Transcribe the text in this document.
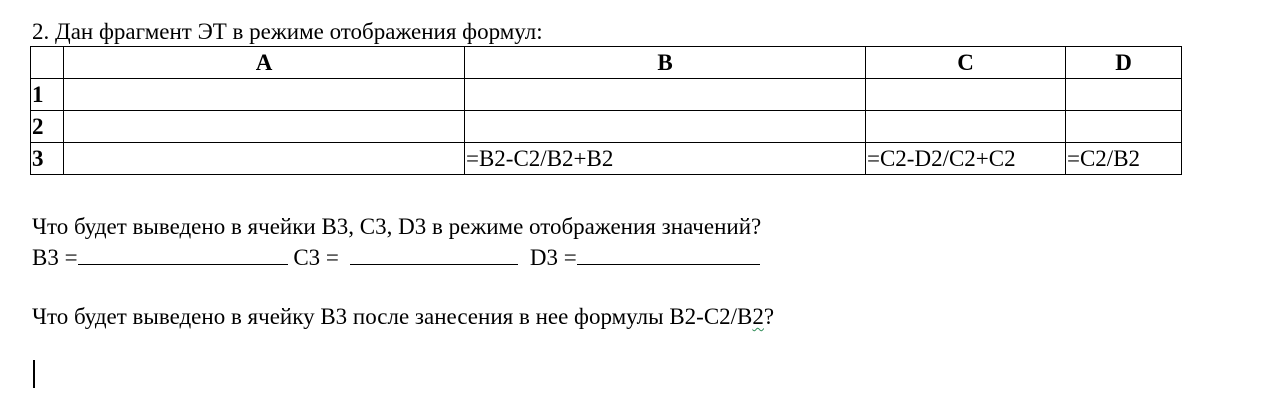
2. Дан фрагмент ЭТ в режиме отображения формул:
	A	B	C	D
1				
2				
3		=B2-C2/B2+B2	=C2-D2/C2+C2	=C2/B2
Что будет выведено в ячейки B3, C3, D3 в режиме отображения значений?
B3 =	C3 =	D3 =
Что будет выведено в ячейку B3 после занесения в нее формулы B2-C2/B2?
